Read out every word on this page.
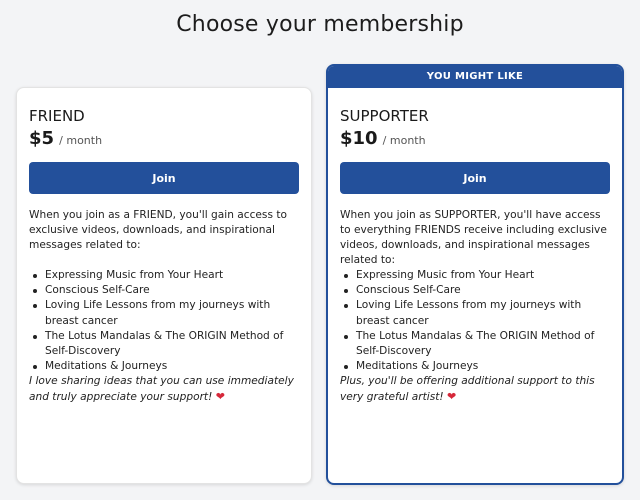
Choose your membership
FRIEND
$5 / month
Join

When you join as a FRIEND, you'll gain access to exclusive videos, downloads, and inspirational messages related to:

Expressing Music from Your Heart
Conscious Self-Care
Loving Life Lessons from my journeys with breast cancer
The Lotus Mandalas & The ORIGIN Method of Self-Discovery
Meditations & Journeys

I love sharing ideas that you can use immediately and truly appreciate your support! ❤

YOU MIGHT LIKE
SUPPORTER
$10 / month
Join

When you join as SUPPORTER, you'll have access to everything FRIENDS receive including exclusive videos, downloads, and inspirational messages related to:

Expressing Music from Your Heart
Conscious Self-Care
Loving Life Lessons from my journeys with breast cancer
The Lotus Mandalas & The ORIGIN Method of Self-Discovery
Meditations & Journeys

Plus, you'll be offering additional support to this very grateful artist! ❤
